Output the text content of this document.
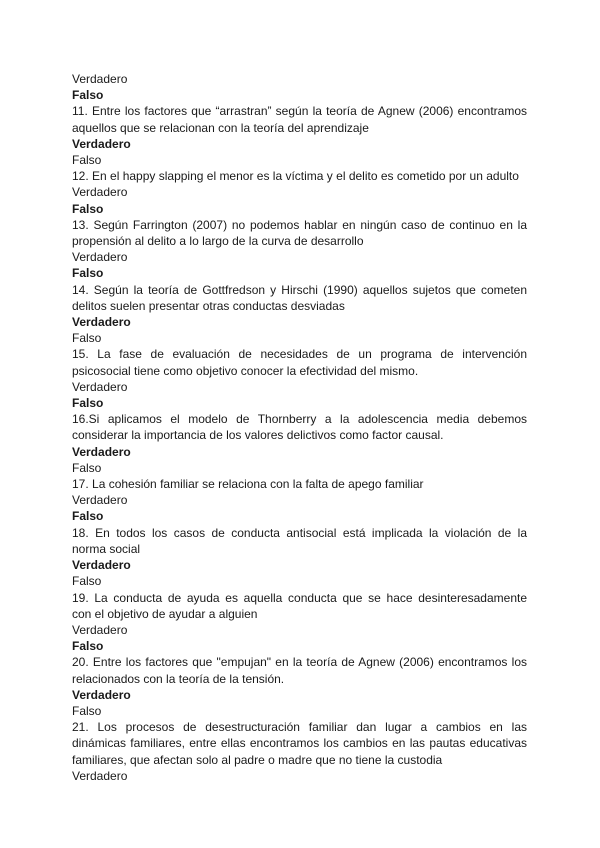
Verdadero
Falso
11. Entre los factores que “arrastran” según la teoría de Agnew (2006) encontramos
aquellos que se relacionan con la teoría del aprendizaje
Verdadero
Falso
12. En el happy slapping el menor es la víctima y el delito es cometido por un adulto
Verdadero
Falso
13. Según Farrington (2007) no podemos hablar en ningún caso de continuo en la
propensión al delito a lo largo de la curva de desarrollo
Verdadero
Falso
14. Según la teoría de Gottfredson y Hirschi (1990) aquellos sujetos que cometen
delitos suelen presentar otras conductas desviadas
Verdadero
Falso
15. La fase de evaluación de necesidades de un programa de intervención
psicosocial tiene como objetivo conocer la efectividad del mismo.
Verdadero
Falso
16.Si aplicamos el modelo de Thornberry a la adolescencia media debemos
considerar la importancia de los valores delictivos como factor causal.
Verdadero
Falso
17. La cohesión familiar se relaciona con la falta de apego familiar
Verdadero
Falso
18. En todos los casos de conducta antisocial está implicada la violación de la
norma social
Verdadero
Falso
19. La conducta de ayuda es aquella conducta que se hace desinteresadamente
con el objetivo de ayudar a alguien
Verdadero
Falso
20. Entre los factores que "empujan" en la teoría de Agnew (2006) encontramos los
relacionados con la teoría de la tensión.
Verdadero
Falso
21. Los procesos de desestructuración familiar dan lugar a cambios en las
dinámicas familiares, entre ellas encontramos los cambios en las pautas educativas
familiares, que afectan solo al padre o madre que no tiene la custodia
Verdadero
